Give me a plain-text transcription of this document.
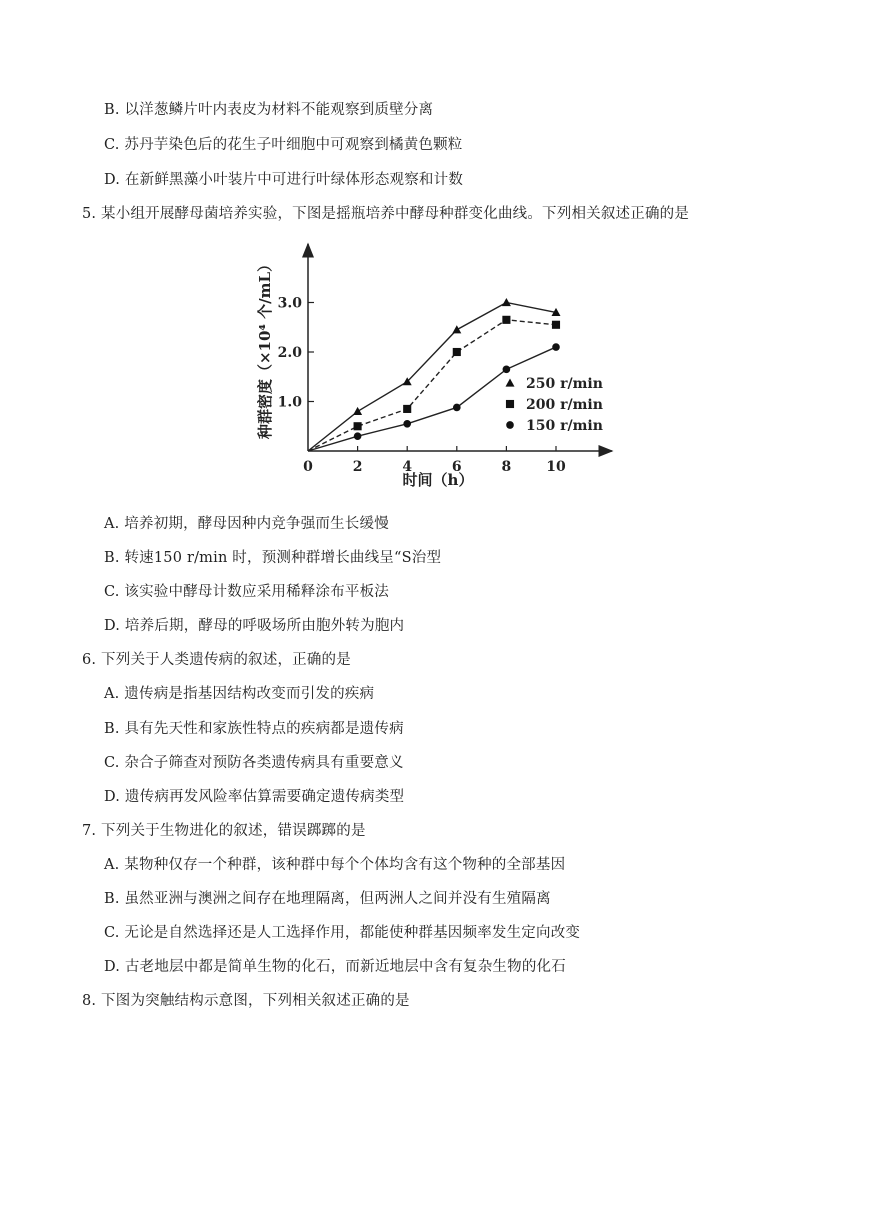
B. 以洋葱鳞片叶内表皮为材料不能观察到质壁分离
C. 苏丹芋染色后的花生子叶细胞中可观察到橘黄色颗粒
D. 在新鲜黑藻小叶装片中可进行叶绿体形态观察和计数
5. 某小组开展酵母菌培养实验，下图是摇瓶培养中酵母种群变化曲线。下列相关叙述正确的是
0	2	4	6	8 10
1.0
2.0
3.0
250 r/min
200 r/min
150 r/min
时间（h）
种群密度（×10⁴ 个/mL）
A. 培养初期，酵母因种内竞争强而生长缓慢
B. 转速150 r/min 时，预测种群增长曲线呈“S治型
C. 该实验中酵母计数应采用稀释涂布平板法
D. 培养后期，酵母的呼吸场所由胞外转为胞内
6. 下列关于人类遗传病的叙述，正确的是
A. 遗传病是指基因结构改变而引发的疾病
B. 具有先天性和家族性特点的疾病都是遗传病
C. 杂合子筛查对预防各类遗传病具有重要意义
D. 遗传病再发风险率估算需要确定遗传病类型
7. 下列关于生物进化的叙述，错误踯踯的是
A. 某物种仅存一个种群，该种群中每个个体均含有这个物种的全部基因
B. 虽然亚洲与澳洲之间存在地理隔离，但两洲人之间并没有生殖隔离
C. 无论是自然选择还是人工选择作用，都能使种群基因频率发生定向改变
D. 古老地层中都是简单生物的化石，而新近地层中含有复杂生物的化石
8. 下图为突触结构示意图，下列相关叙述正确的是
